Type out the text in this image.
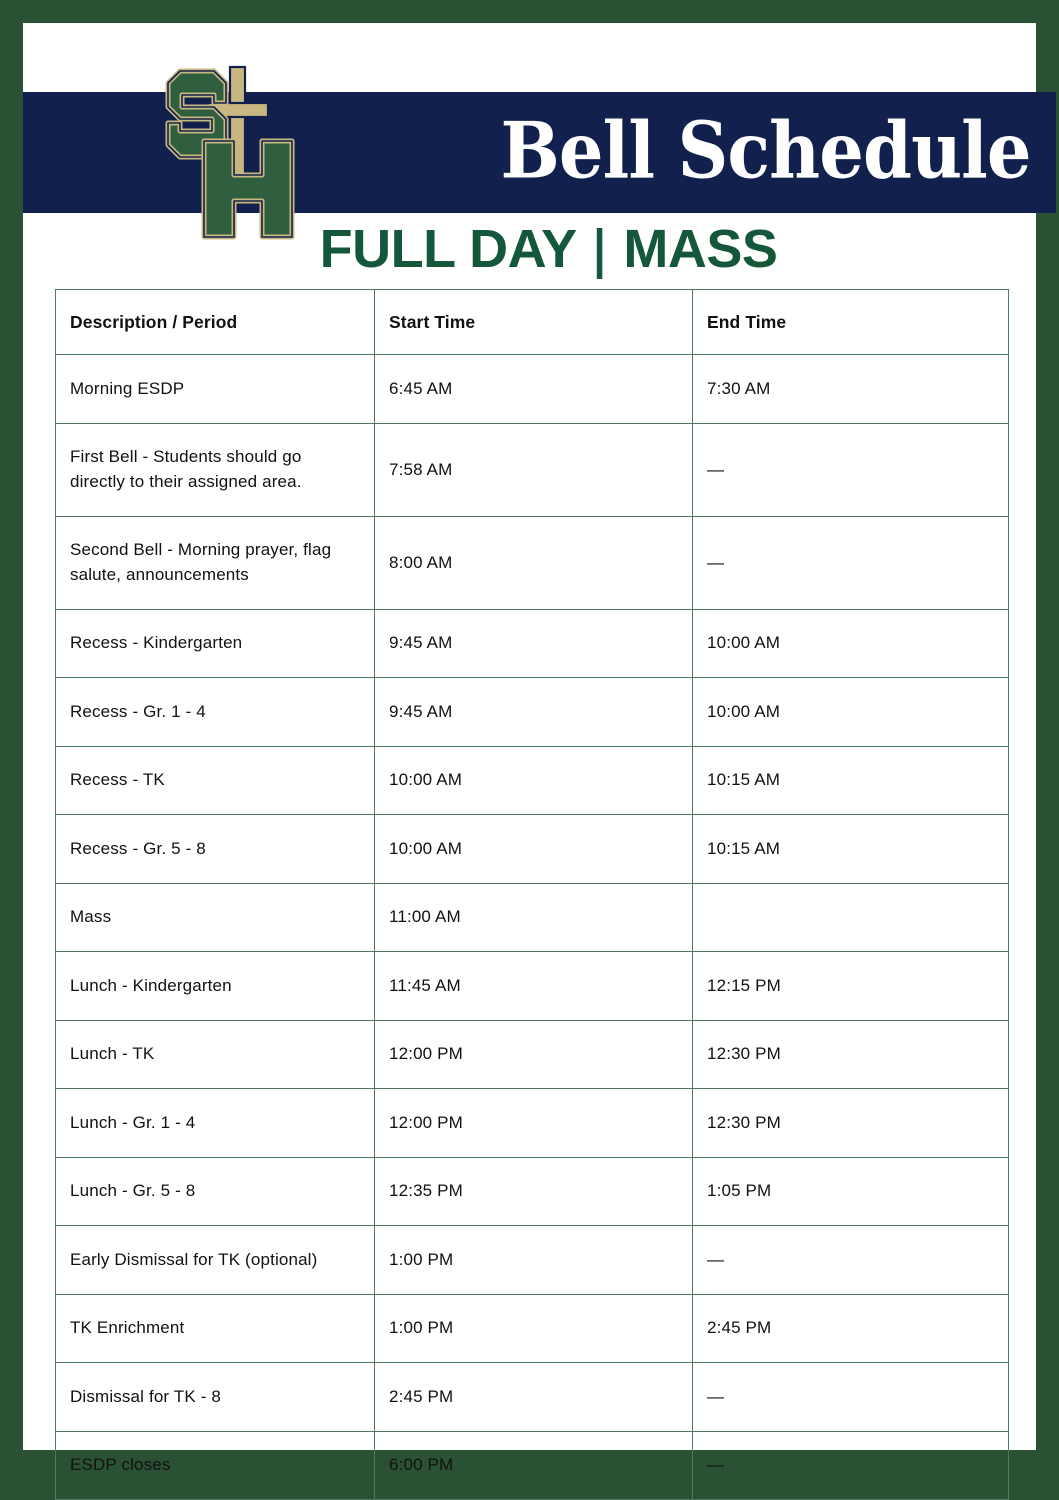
Bell Schedule
FULL DAY | MASS
Description / Period	Start Time	End Time
Morning ESDP	6:45 AM	7:30 AM
First Bell - Students should go directly to their assigned area.	7:58 AM	—
Second Bell - Morning prayer, flag salute, announcements	8:00 AM	—
Recess - Kindergarten	9:45 AM	10:00 AM
Recess - Gr. 1 - 4	9:45 AM	10:00 AM
Recess - TK	10:00 AM	10:15 AM
Recess - Gr. 5 - 8	10:00 AM	10:15 AM
Mass	11:00 AM	
Lunch - Kindergarten	11:45 AM	12:15 PM
Lunch - TK	12:00 PM	12:30 PM
Lunch - Gr. 1 - 4	12:00 PM	12:30 PM
Lunch - Gr. 5 - 8	12:35 PM	1:05 PM
Early Dismissal for TK (optional)	1:00 PM	—
TK Enrichment	1:00 PM	2:45 PM
Dismissal for TK - 8	2:45 PM	—
ESDP closes	6:00 PM	—
